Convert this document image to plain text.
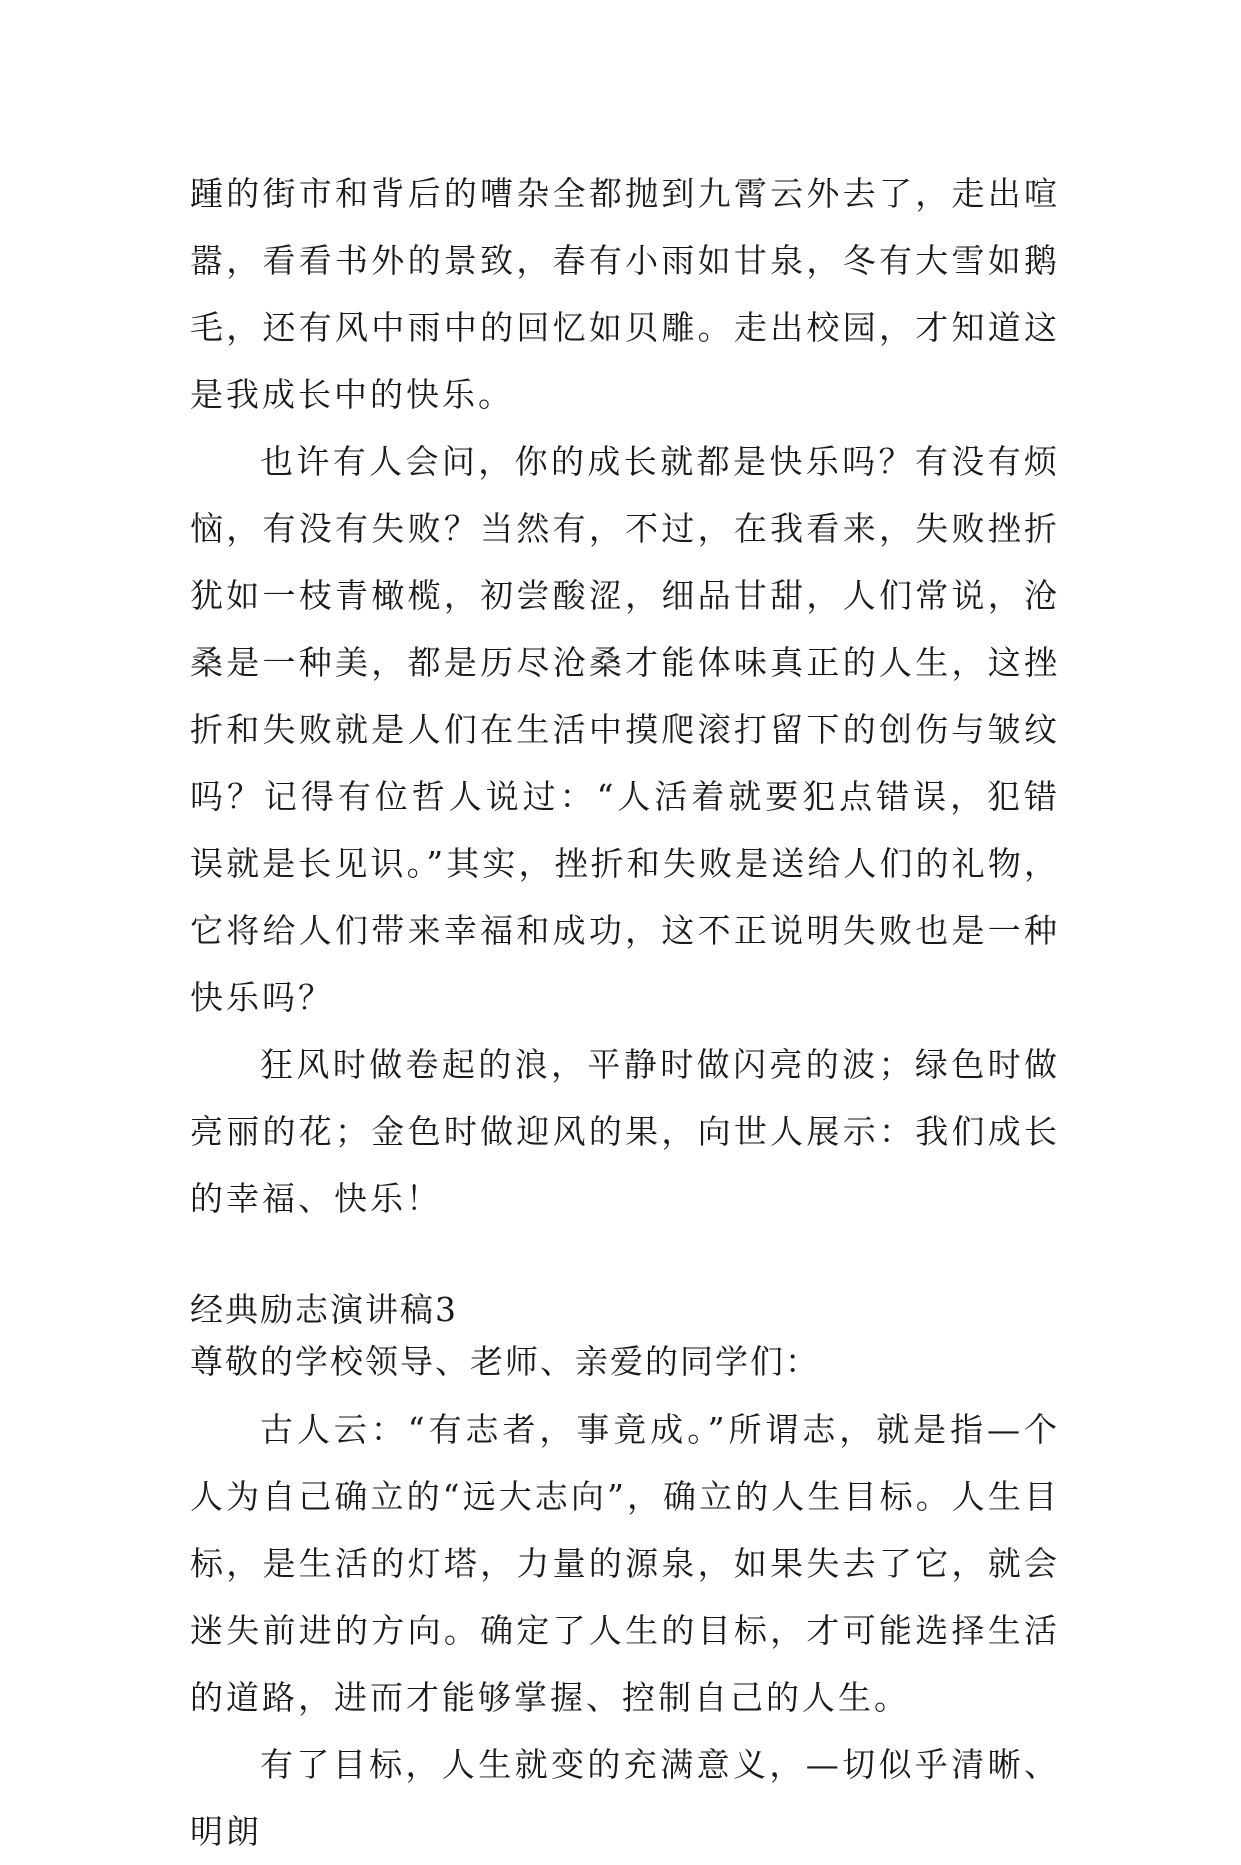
踵的街市和背后的嘈杂全都抛到九霄云外去了，走出喧嚣，看看书外的景致，春有小雨如甘泉，冬有大雪如鹅毛，还有风中雨中的回忆如贝雕。走出校园，才知道这是我成长中的快乐。

也许有人会问，你的成长就都是快乐吗？有没有烦恼，有没有失败？当然有，不过，在我看来，失败挫折犹如一枝青橄榄，初尝酸涩，细品甘甜，人们常说，沧桑是一种美，都是历尽沧桑才能体味真正的人生，这挫折和失败就是人们在生活中摸爬滚打留下的创伤与皱纹吗？记得有位哲人说过：“人活着就要犯点错误，犯错误就是长见识。”其实，挫折和失败是送给人们的礼物，它将给人们带来幸福和成功，这不正说明失败也是一种快乐吗？

狂风时做卷起的浪，平静时做闪亮的波；绿色时做亮丽的花；金色时做迎风的果，向世人展示：我们成长的幸福、快乐！

经典励志演讲稿3

尊敬的学校领导、老师、亲爱的同学们：

古人云：“有志者，事竟成。”所谓志，就是指—个人为自己确立的“远大志向”，确立的人生目标。人生目标，是生活的灯塔，力量的源泉，如果失去了它，就会迷失前进的方向。确定了人生的目标，才可能选择生活的道路，进而才能够掌握、控制自己的人生。

有了目标，人生就变的充满意义，—切似乎清晰、明朗
